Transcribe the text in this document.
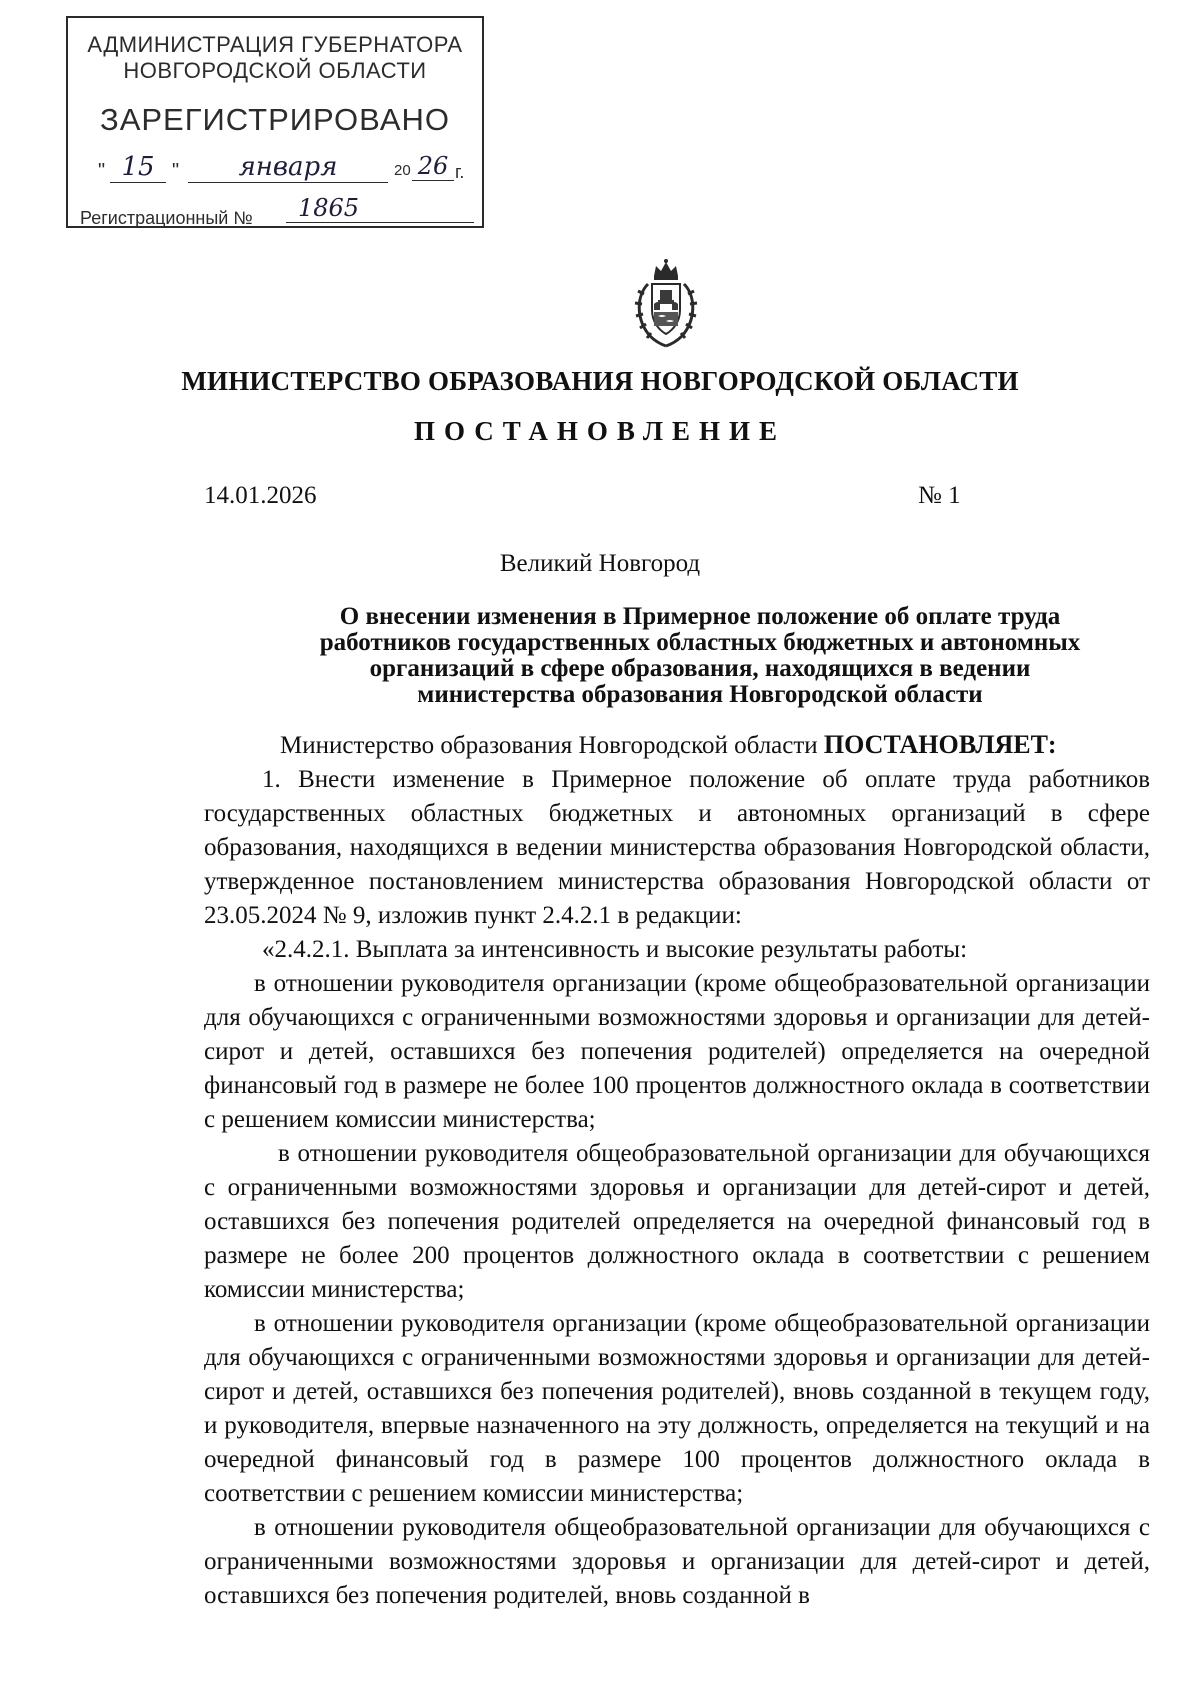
АДМИНИСТРАЦИЯ ГУБЕРНАТОРА
НОВГОРОДСКОЙ ОБЛАСТИ
ЗАРЕГИСТРИРОВАНО
" 15 "	января	20 26 г.
Регистрационный №	1865
МИНИСТЕРСТВО ОБРАЗОВАНИЯ НОВГОРОДСКОЙ ОБЛАСТИ
ПОСТАНОВЛЕНИЕ
14.01.2026	№ 1
Великий Новгород
О внесении изменения в Примерное положение об оплате труда
работников государственных областных бюджетных и автономных
организаций в сфере образования, находящихся в ведении
министерства образования Новгородской области

Министерство образования Новгородской области ПОСТАНОВЛЯЕТ:

1. Внести изменение в Примерное положение об оплате труда работников государственных областных бюджетных и автономных организаций в сфере образования, находящихся в ведении министерства образования Новгородской области, утвержденное постановлением министерства образования Новгородской области от 23.05.2024 № 9, изложив пункт 2.4.2.1 в редакции:

«2.4.2.1. Выплата за интенсивность и высокие результаты работы:

в отношении руководителя организации (кроме общеобразовательной организации для обучающихся с ограниченными возможностями здоровья и организации для детей-сирот и детей, оставшихся без попечения родителей) определяется на очередной финансовый год в размере не более 100 процентов должностного оклада в соответствии с решением комиссии министерства;

в отношении руководителя общеобразовательной организации для обучающихся с ограниченными возможностями здоровья и организации для детей-сирот и детей, оставшихся без попечения родителей определяется на очередной финансовый год в размере не более 200 процентов должностного оклада в соответствии с решением комиссии министерства;

в отношении руководителя организации (кроме общеобразовательной организации для обучающихся с ограниченными возможностями здоровья и организации для детей-сирот и детей, оставшихся без попечения родителей), вновь созданной в текущем году, и руководителя, впервые назначенного на эту должность, определяется на текущий и на очередной финансовый год в размере 100 процентов должностного оклада в соответствии с решением комиссии министерства;

в отношении руководителя общеобразовательной организации для обучающихся с ограниченными возможностями здоровья и организации для детей-сирот и детей, оставшихся без попечения родителей, вновь созданной в
